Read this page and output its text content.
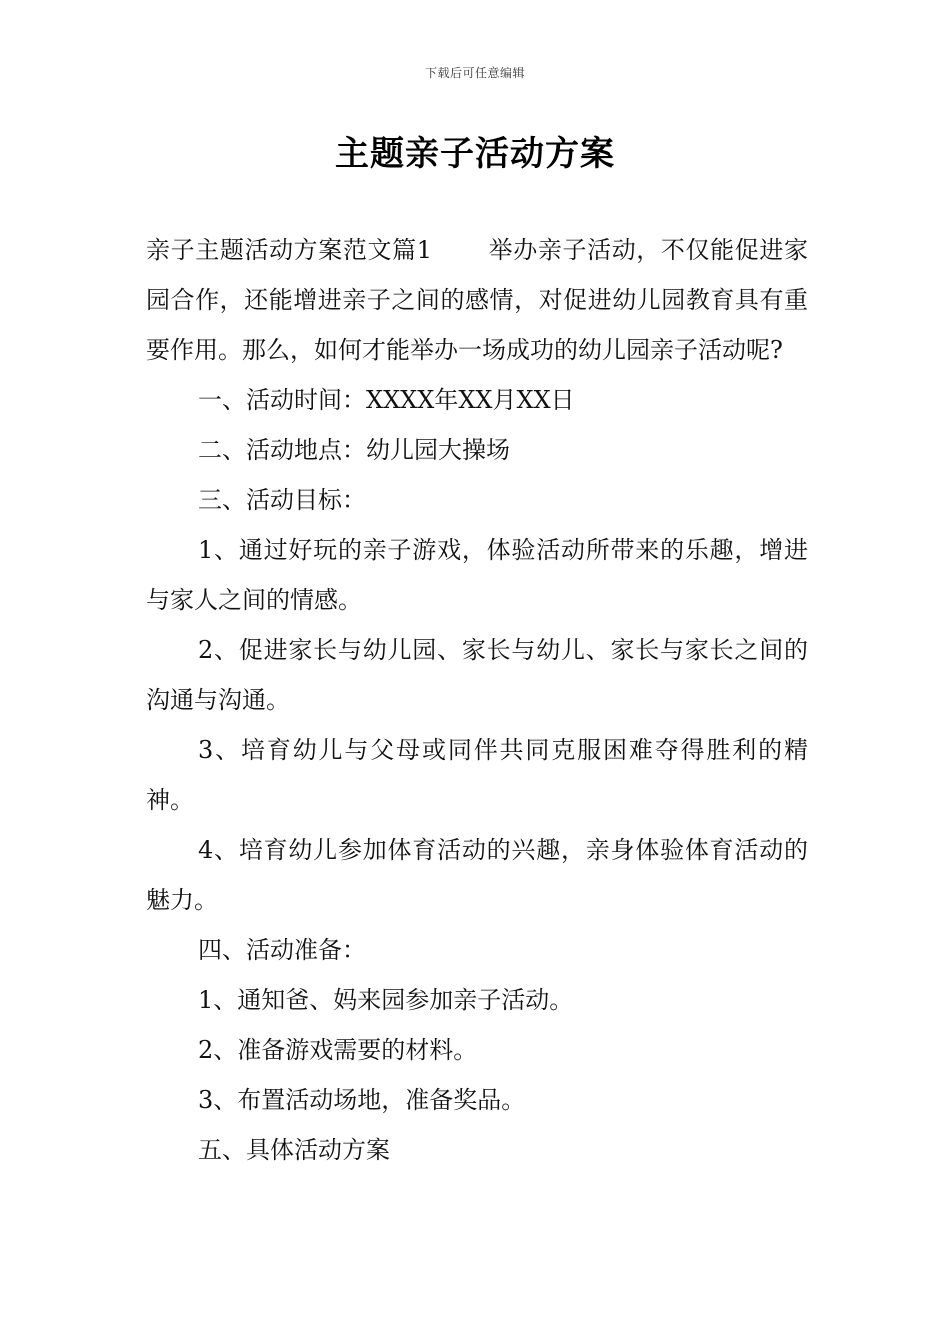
下载后可任意编辑
主题亲子活动方案

亲子主题活动方案范文篇1 举办亲子活动，不仅能促进家园合作，还能增进亲子之间的感情，对促进幼儿园教育具有重要作用。那么，如何才能举办一场成功的幼儿园亲子活动呢?

一、活动时间：XXXX年XX月XX日

二、活动地点：幼儿园大操场

三、活动目标：

1、通过好玩的亲子游戏，体验活动所带来的乐趣，增进与家人之间的情感。

2、促进家长与幼儿园、家长与幼儿、家长与家长之间的沟通与沟通。

3、培育幼儿与父母或同伴共同克服困难夺得胜利的精神。

4、培育幼儿参加体育活动的兴趣，亲身体验体育活动的魅力。

四、活动准备：

1、通知爸、妈来园参加亲子活动。

2、准备游戏需要的材料。

3、布置活动场地，准备奖品。

五、具体活动方案
